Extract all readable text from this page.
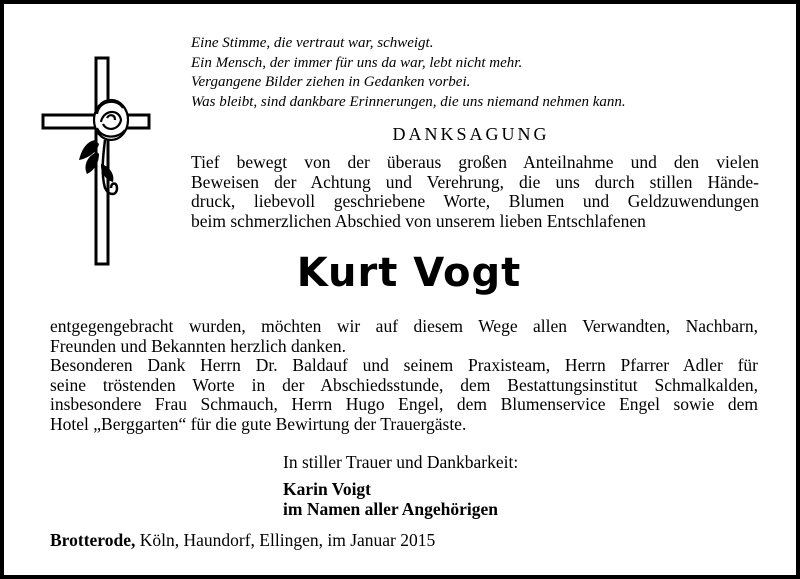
Eine Stimme, die vertraut war, schweigt.
Ein Mensch, der immer für uns da war, lebt nicht mehr.
Vergangene Bilder ziehen in Gedanken vorbei.
Was bleibt, sind dankbare Erinnerungen, die uns niemand nehmen kann.
DANKSAGUNG
Tief bewegt von der überaus großen Anteilnahme und den vielen
Beweisen der Achtung und Verehrung, die uns durch stillen Hände-
druck, liebevoll geschriebene Worte, Blumen und Geldzuwendungen
beim schmerzlichen Abschied von unserem lieben Entschlafenen
Kurt Vogt
entgegengebracht wurden, möchten wir auf diesem Wege allen Verwandten, Nachbarn,
Freunden und Bekannten herzlich danken.
Besonderen Dank Herrn Dr. Baldauf und seinem Praxisteam, Herrn Pfarrer Adler für
seine tröstenden Worte in der Abschiedsstunde, dem Bestattungsinstitut Schmalkalden,
insbesondere Frau Schmauch, Herrn Hugo Engel, dem Blumenservice Engel sowie dem
Hotel „Berggarten“ für die gute Bewirtung der Trauergäste.
In stiller Trauer und Dankbarkeit:
Karin Voigt
im Namen aller Angehörigen
Brotterode, Köln, Haundorf, Ellingen, im Januar 2015
